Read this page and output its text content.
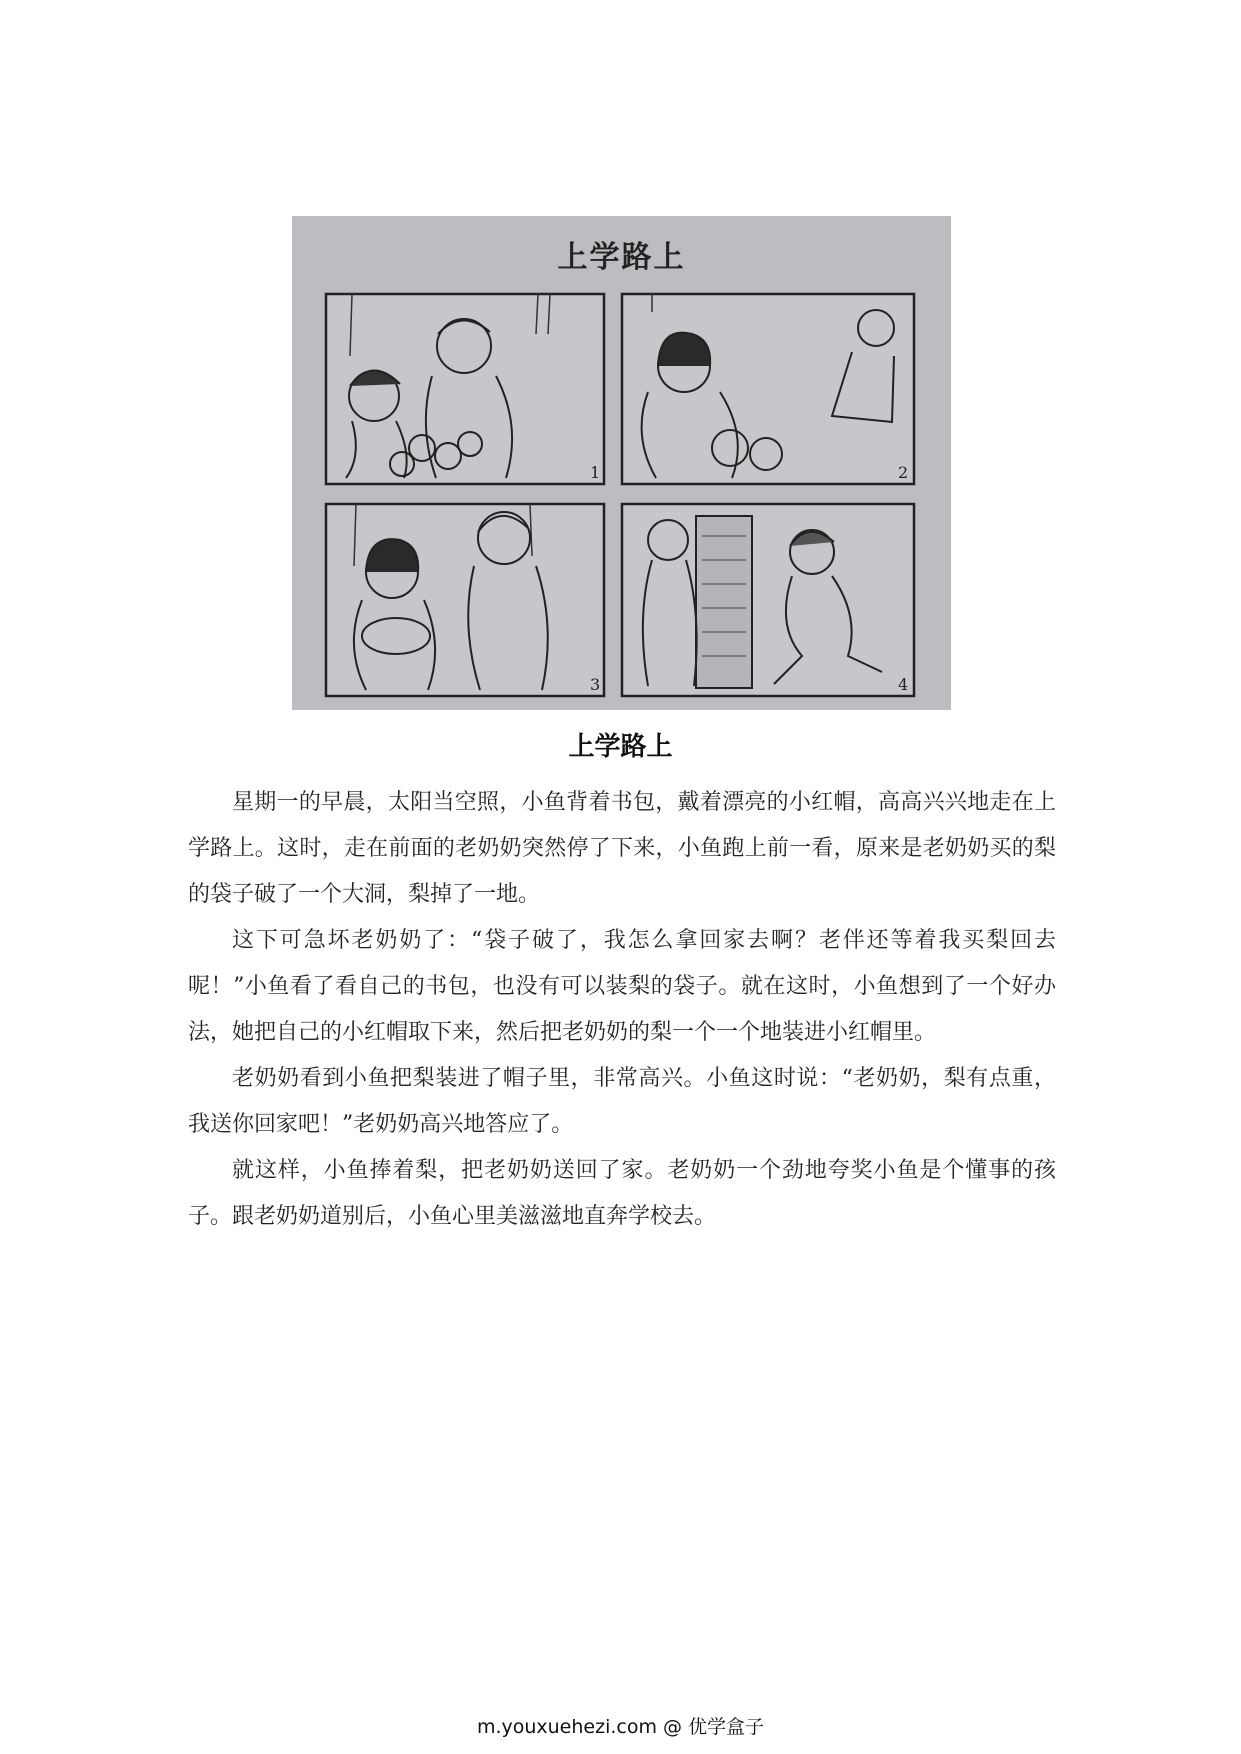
上学路上
1	2
3	4
上学路上

星期一的早晨，太阳当空照，小鱼背着书包，戴着漂亮的小红帽，高高兴兴地走在上学路上。这时，走在前面的老奶奶突然停了下来，小鱼跑上前一看，原来是老奶奶买的梨的袋子破了一个大洞，梨掉了一地。

这下可急坏老奶奶了：“袋子破了，我怎么拿回家去啊？老伴还等着我买梨回去呢！”小鱼看了看自己的书包，也没有可以装梨的袋子。就在这时，小鱼想到了一个好办法，她把自己的小红帽取下来，然后把老奶奶的梨一个一个地装进小红帽里。

老奶奶看到小鱼把梨装进了帽子里，非常高兴。小鱼这时说：“老奶奶，梨有点重，我送你回家吧！”老奶奶高兴地答应了。

就这样，小鱼捧着梨，把老奶奶送回了家。老奶奶一个劲地夸奖小鱼是个懂事的孩子。跟老奶奶道别后，小鱼心里美滋滋地直奔学校去。

m.youxuehezi.com @ 优学盒子
